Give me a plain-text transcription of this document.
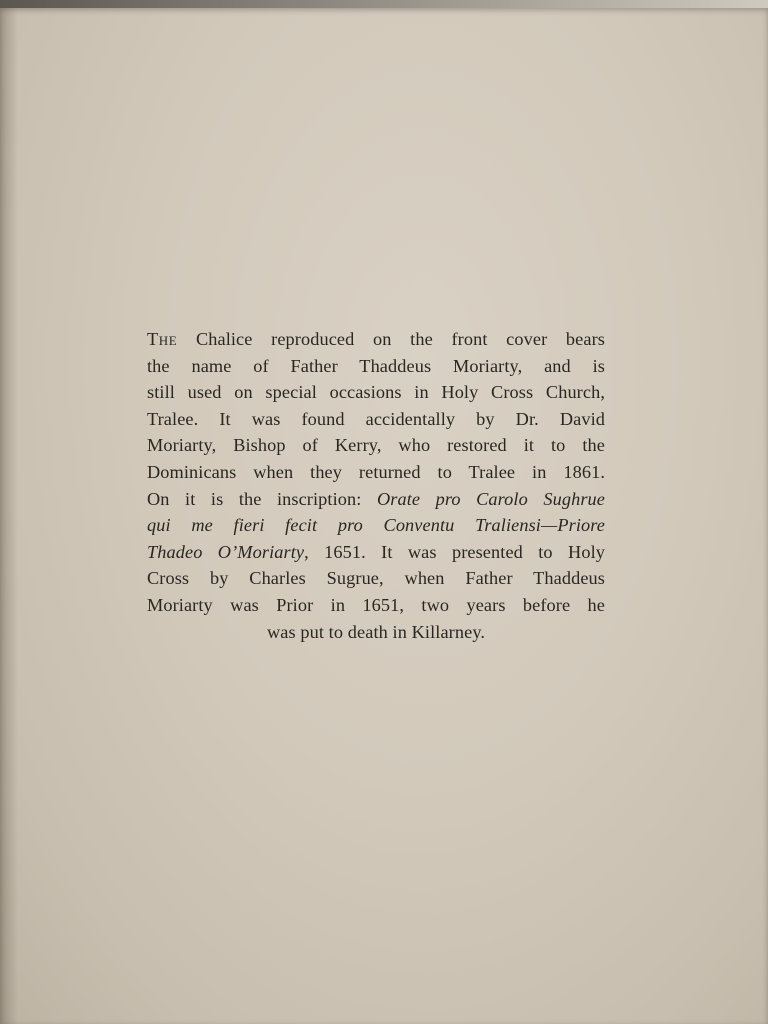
The Chalice reproduced on the front cover bears
the name of Father Thaddeus Moriarty, and is
still used on special occasions in Holy Cross Church,
Tralee. It was found accidentally by Dr. David
Moriarty, Bishop of Kerry, who restored it to the
Dominicans when they returned to Tralee in 1861.
On it is the inscription: Orate pro Carolo Sughrue
qui me fieri fecit pro Conventu Traliensi—Priore
Thadeo O’Moriarty, 1651. It was presented to Holy
Cross by Charles Sugrue, when Father Thaddeus
Moriarty was Prior in 1651, two years before he
was put to death in Killarney.
